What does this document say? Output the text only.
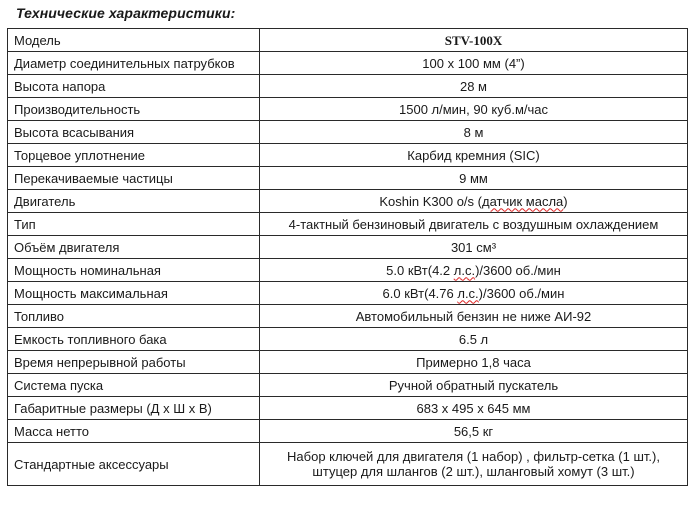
Технические характеристики:
Модель	STV-100X
Диаметр соединительных патрубков	100 х 100 мм (4”)
Высота напора	28 м
Производительность	1500 л/мин, 90 куб.м/час
Высота всасывания	8 м
Торцевое уплотнение	Карбид кремния (SIC)
Перекачиваемые частицы	9 мм
Двигатель	Koshin K300 o/s (датчик масла)
Тип	4-тактный бензиновый двигатель с воздушным охлаждением
Объём двигателя	301 см³
Мощность номинальная	5.0 кВт(4.2 л.с.)/3600 об./мин
Мощность максимальная	6.0 кВт(4.76 л.с.)/3600 об./мин
Топливо	Автомобильный бензин не ниже АИ-92
Емкость топливного бака	6.5 л
Время непрерывной работы	Примерно 1,8 часа
Система пуска	Ручной обратный пускатель
Габаритные размеры (Д х Ш х В)	683 х 495 х 645 мм
Масса нетто	56,5 кг
Стандартные аксессуары	Набор ключей для двигателя (1 набор) , фильтр-сетка (1 шт.),
штуцер для шлангов (2 шт.), шланговый хомут (3 шт.)
